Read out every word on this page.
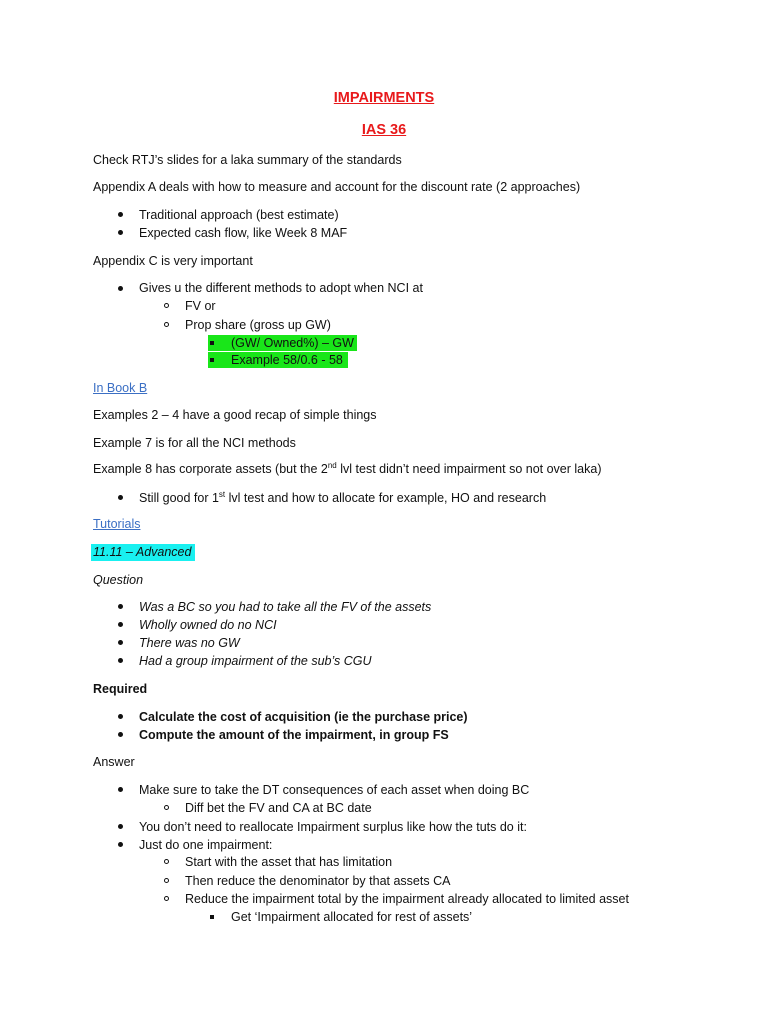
IMPAIRMENTS
IAS 36
Check RTJ’s slides for a laka summary of the standards
Appendix A deals with how to measure and account for the discount rate (2 approaches)
Traditional approach (best estimate)
Expected cash flow, like Week 8 MAF
Appendix C is very important
Gives u the different methods to adopt when NCI at
FV or
Prop share (gross up GW)
(GW/ Owned%) – GW
Example 58/0.6 - 58
In Book B
Examples 2 – 4 have a good recap of simple things
Example 7 is for all the NCI methods
Example 8 has corporate assets (but the 2nd lvl test didn’t need impairment so not over laka)
Still good for 1st lvl test and how to allocate for example, HO and research
Tutorials
11.11 – Advanced
Question
Was a BC so you had to take all the FV of the assets
Wholly owned do no NCI
There was no GW
Had a group impairment of the sub’s CGU
Required
Calculate the cost of acquisition (ie the purchase price)
Compute the amount of the impairment, in group FS
Answer
Make sure to take the DT consequences of each asset when doing BC
Diff bet the FV and CA at BC date
You don’t need to reallocate Impairment surplus like how the tuts do it:
Just do one impairment:
Start with the asset that has limitation
Then reduce the denominator by that assets CA
Reduce the impairment total by the impairment already allocated to limited asset
Get ‘Impairment allocated for rest of assets’
